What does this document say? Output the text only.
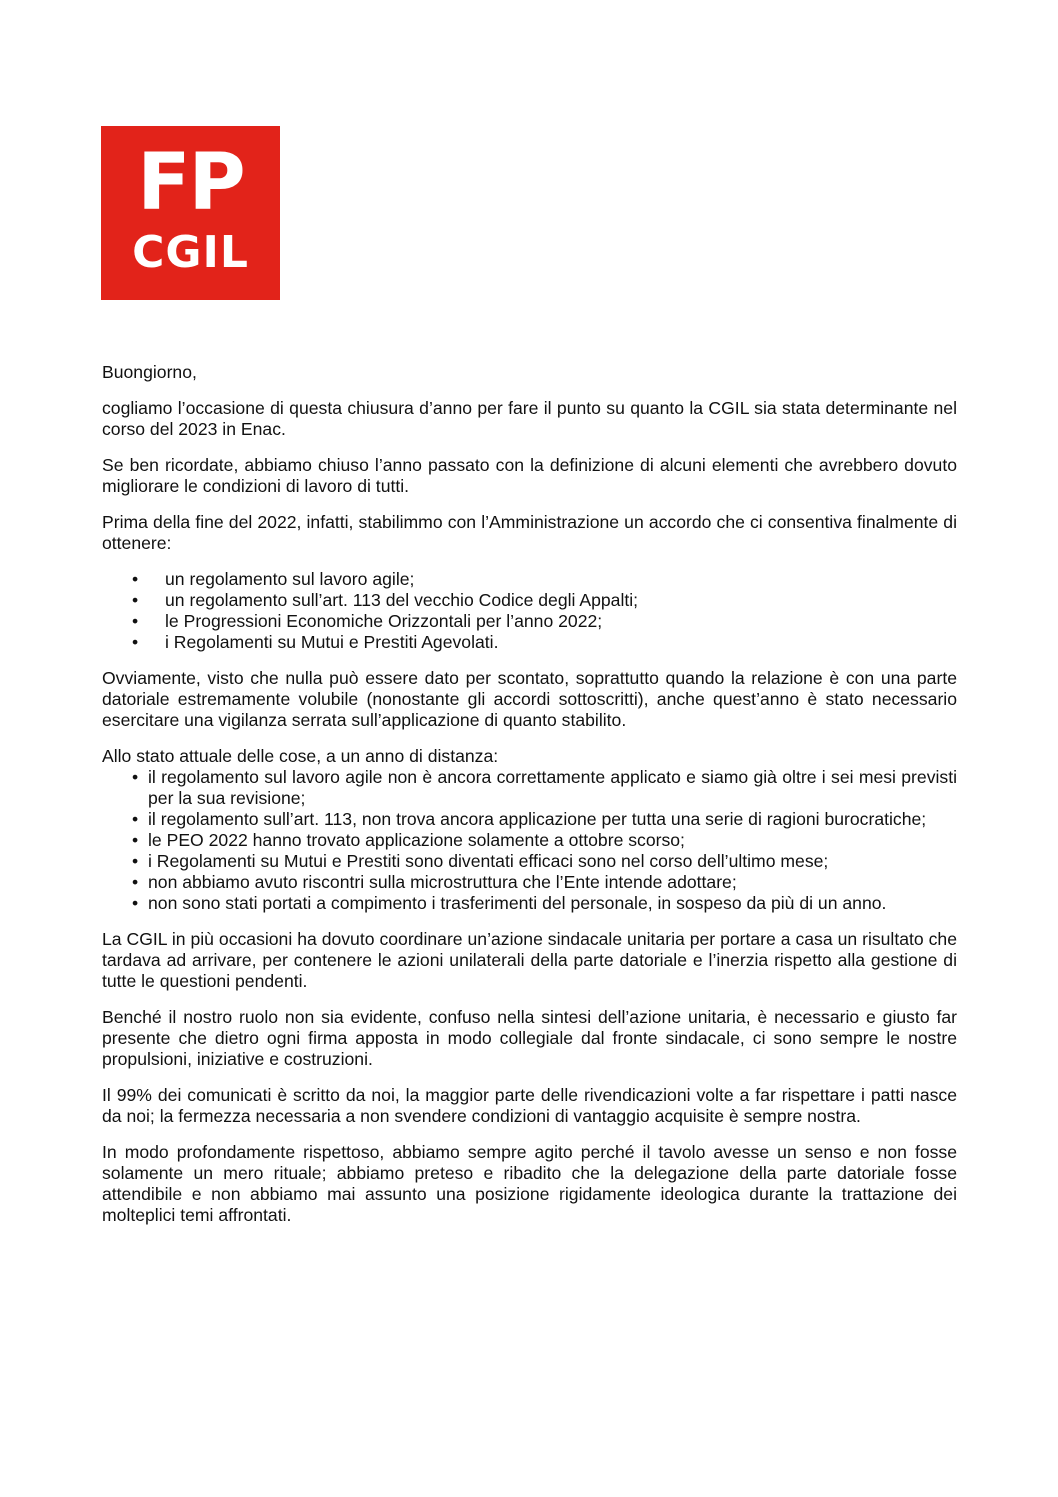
FP
CGIL

Buongiorno,

cogliamo l’occasione di questa chiusura d’anno per fare il punto su quanto la CGIL sia stata determinante nel corso del 2023 in Enac.

Se ben ricordate, abbiamo chiuso l’anno passato con la definizione di alcuni elementi che avrebbero dovuto migliorare le condizioni di lavoro di tutti.

Prima della fine del 2022, infatti, stabilimmo con l’Amministrazione un accordo che ci consentiva finalmente di ottenere:

• un regolamento sul lavoro agile;
• un regolamento sull’art. 113 del vecchio Codice degli Appalti;
• le Progressioni Economiche Orizzontali per l’anno 2022;
• i Regolamenti su Mutui e Prestiti Agevolati.

Ovviamente, visto che nulla può essere dato per scontato, soprattutto quando la relazione è con una parte datoriale estremamente volubile (nonostante gli accordi sottoscritti), anche quest’anno è stato necessario esercitare una vigilanza serrata sull’applicazione di quanto stabilito.

Allo stato attuale delle cose, a un anno di distanza:

• il regolamento sul lavoro agile non è ancora correttamente applicato e siamo già oltre i sei mesi previsti per la sua revisione;
• il regolamento sull’art. 113, non trova ancora applicazione per tutta una serie di ragioni burocratiche;
• le PEO 2022 hanno trovato applicazione solamente a ottobre scorso;
• i Regolamenti su Mutui e Prestiti sono diventati efficaci sono nel corso dell’ultimo mese;
• non abbiamo avuto riscontri sulla microstruttura che l’Ente intende adottare;
• non sono stati portati a compimento i trasferimenti del personale, in sospeso da più di un anno.

La CGIL in più occasioni ha dovuto coordinare un’azione sindacale unitaria per portare a casa un risultato che tardava ad arrivare, per contenere le azioni unilaterali della parte datoriale e l’inerzia rispetto alla gestione di tutte le questioni pendenti.

Benché il nostro ruolo non sia evidente, confuso nella sintesi dell’azione unitaria, è necessario e giusto far presente che dietro ogni firma apposta in modo collegiale dal fronte sindacale, ci sono sempre le nostre propulsioni, iniziative e costruzioni.

Il 99% dei comunicati è scritto da noi, la maggior parte delle rivendicazioni volte a far rispettare i patti nasce da noi; la fermezza necessaria a non svendere condizioni di vantaggio acquisite è sempre nostra.

In modo profondamente rispettoso, abbiamo sempre agito perché il tavolo avesse un senso e non fosse solamente un mero rituale; abbiamo preteso e ribadito che la delegazione della parte datoriale fosse attendibile e non abbiamo mai assunto una posizione rigidamente ideologica durante la trattazione dei molteplici temi affrontati.
